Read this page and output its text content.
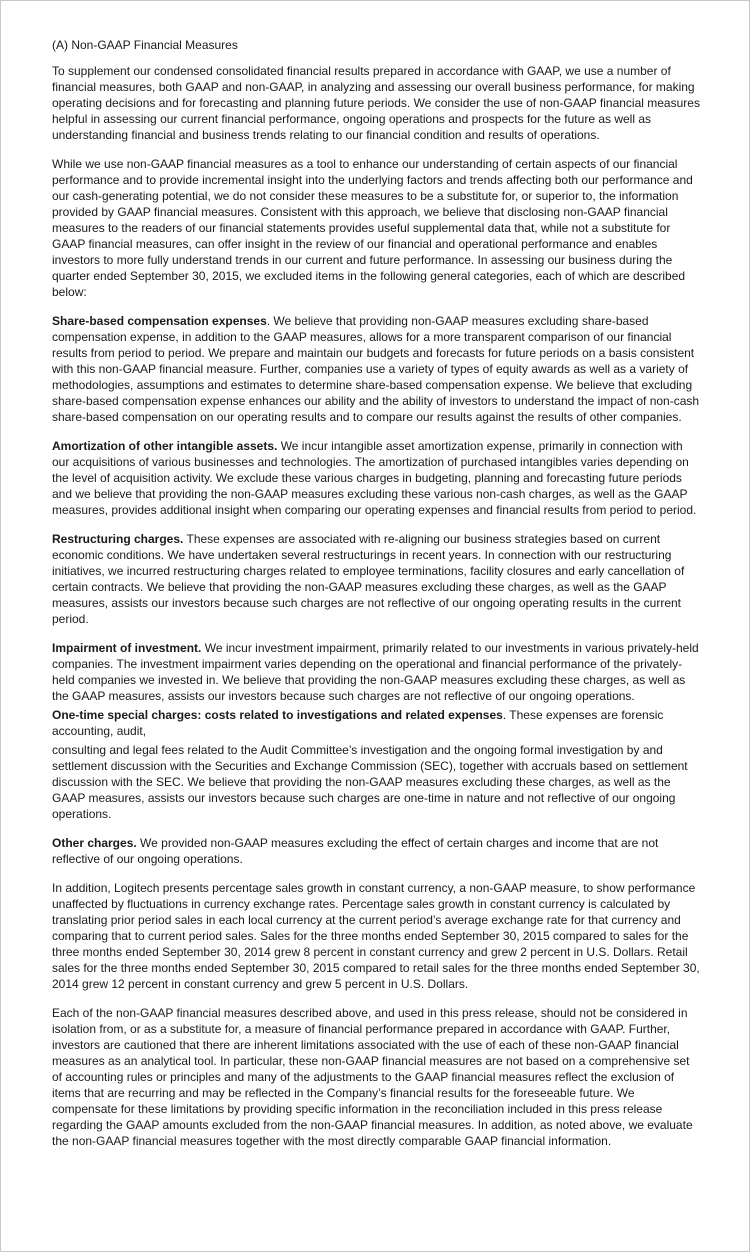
(A) Non-GAAP Financial Measures

To supplement our condensed consolidated financial results prepared in accordance with GAAP, we use a number of financial measures, both GAAP and non-GAAP, in analyzing and assessing our overall business performance, for making operating decisions and for forecasting and planning future periods. We consider the use of non-GAAP financial measures helpful in assessing our current financial performance, ongoing operations and prospects for the future as well as understanding financial and business trends relating to our financial condition and results of operations.

While we use non-GAAP financial measures as a tool to enhance our understanding of certain aspects of our financial performance and to provide incremental insight into the underlying factors and trends affecting both our performance and our cash-generating potential, we do not consider these measures to be a substitute for, or superior to, the information provided by GAAP financial measures. Consistent with this approach, we believe that disclosing non-GAAP financial measures to the readers of our financial statements provides useful supplemental data that, while not a substitute for GAAP financial measures, can offer insight in the review of our financial and operational performance and enables investors to more fully understand trends in our current and future performance. In assessing our business during the quarter ended September 30, 2015, we excluded items in the following general categories, each of which are described below:

Share-based compensation expenses. We believe that providing non-GAAP measures excluding share-based compensation expense, in addition to the GAAP measures, allows for a more transparent comparison of our financial results from period to period. We prepare and maintain our budgets and forecasts for future periods on a basis consistent with this non-GAAP financial measure. Further, companies use a variety of types of equity awards as well as a variety of methodologies, assumptions and estimates to determine share-based compensation expense. We believe that excluding share-based compensation expense enhances our ability and the ability of investors to understand the impact of non-cash share-based compensation on our operating results and to compare our results against the results of other companies.

Amortization of other intangible assets. We incur intangible asset amortization expense, primarily in connection with our acquisitions of various businesses and technologies. The amortization of purchased intangibles varies depending on the level of acquisition activity. We exclude these various charges in budgeting, planning and forecasting future periods and we believe that providing the non-GAAP measures excluding these various non-cash charges, as well as the GAAP measures, provides additional insight when comparing our operating expenses and financial results from period to period.

Restructuring charges. These expenses are associated with re-aligning our business strategies based on current economic conditions. We have undertaken several restructurings in recent years. In connection with our restructuring initiatives, we incurred restructuring charges related to employee terminations, facility closures and early cancellation of certain contracts. We believe that providing the non-GAAP measures excluding these charges, as well as the GAAP measures, assists our investors because such charges are not reflective of our ongoing operating results in the current period.

Impairment of investment. We incur investment impairment, primarily related to our investments in various privately-held companies. The investment impairment varies depending on the operational and financial performance of the privately-held companies we invested in. We believe that providing the non-GAAP measures excluding these charges, as well as the GAAP measures, assists our investors because such charges are not reflective of our ongoing operations.

One-time special charges: costs related to investigations and related expenses. These expenses are forensic accounting, audit,

consulting and legal fees related to the Audit Committee’s investigation and the ongoing formal investigation by and settlement discussion with the Securities and Exchange Commission (SEC), together with accruals based on settlement discussion with the SEC. We believe that providing the non-GAAP measures excluding these charges, as well as the GAAP measures, assists our investors because such charges are one-time in nature and not reflective of our ongoing operations.

Other charges. We provided non-GAAP measures excluding the effect of certain charges and income that are not reflective of our ongoing operations.

In addition, Logitech presents percentage sales growth in constant currency, a non-GAAP measure, to show performance unaffected by fluctuations in currency exchange rates. Percentage sales growth in constant currency is calculated by translating prior period sales in each local currency at the current period’s average exchange rate for that currency and comparing that to current period sales. Sales for the three months ended September 30, 2015 compared to sales for the three months ended September 30, 2014 grew 8 percent in constant currency and grew 2 percent in U.S. Dollars. Retail sales for the three months ended September 30, 2015 compared to retail sales for the three months ended September 30, 2014 grew 12 percent in constant currency and grew 5 percent in U.S. Dollars.

Each of the non-GAAP financial measures described above, and used in this press release, should not be considered in isolation from, or as a substitute for, a measure of financial performance prepared in accordance with GAAP. Further, investors are cautioned that there are inherent limitations associated with the use of each of these non-GAAP financial measures as an analytical tool. In particular, these non-GAAP financial measures are not based on a comprehensive set of accounting rules or principles and many of the adjustments to the GAAP financial measures reflect the exclusion of items that are recurring and may be reflected in the Company’s financial results for the foreseeable future. We compensate for these limitations by providing specific information in the reconciliation included in this press release regarding the GAAP amounts excluded from the non-GAAP financial measures. In addition, as noted above, we evaluate the non-GAAP financial measures together with the most directly comparable GAAP financial information.
